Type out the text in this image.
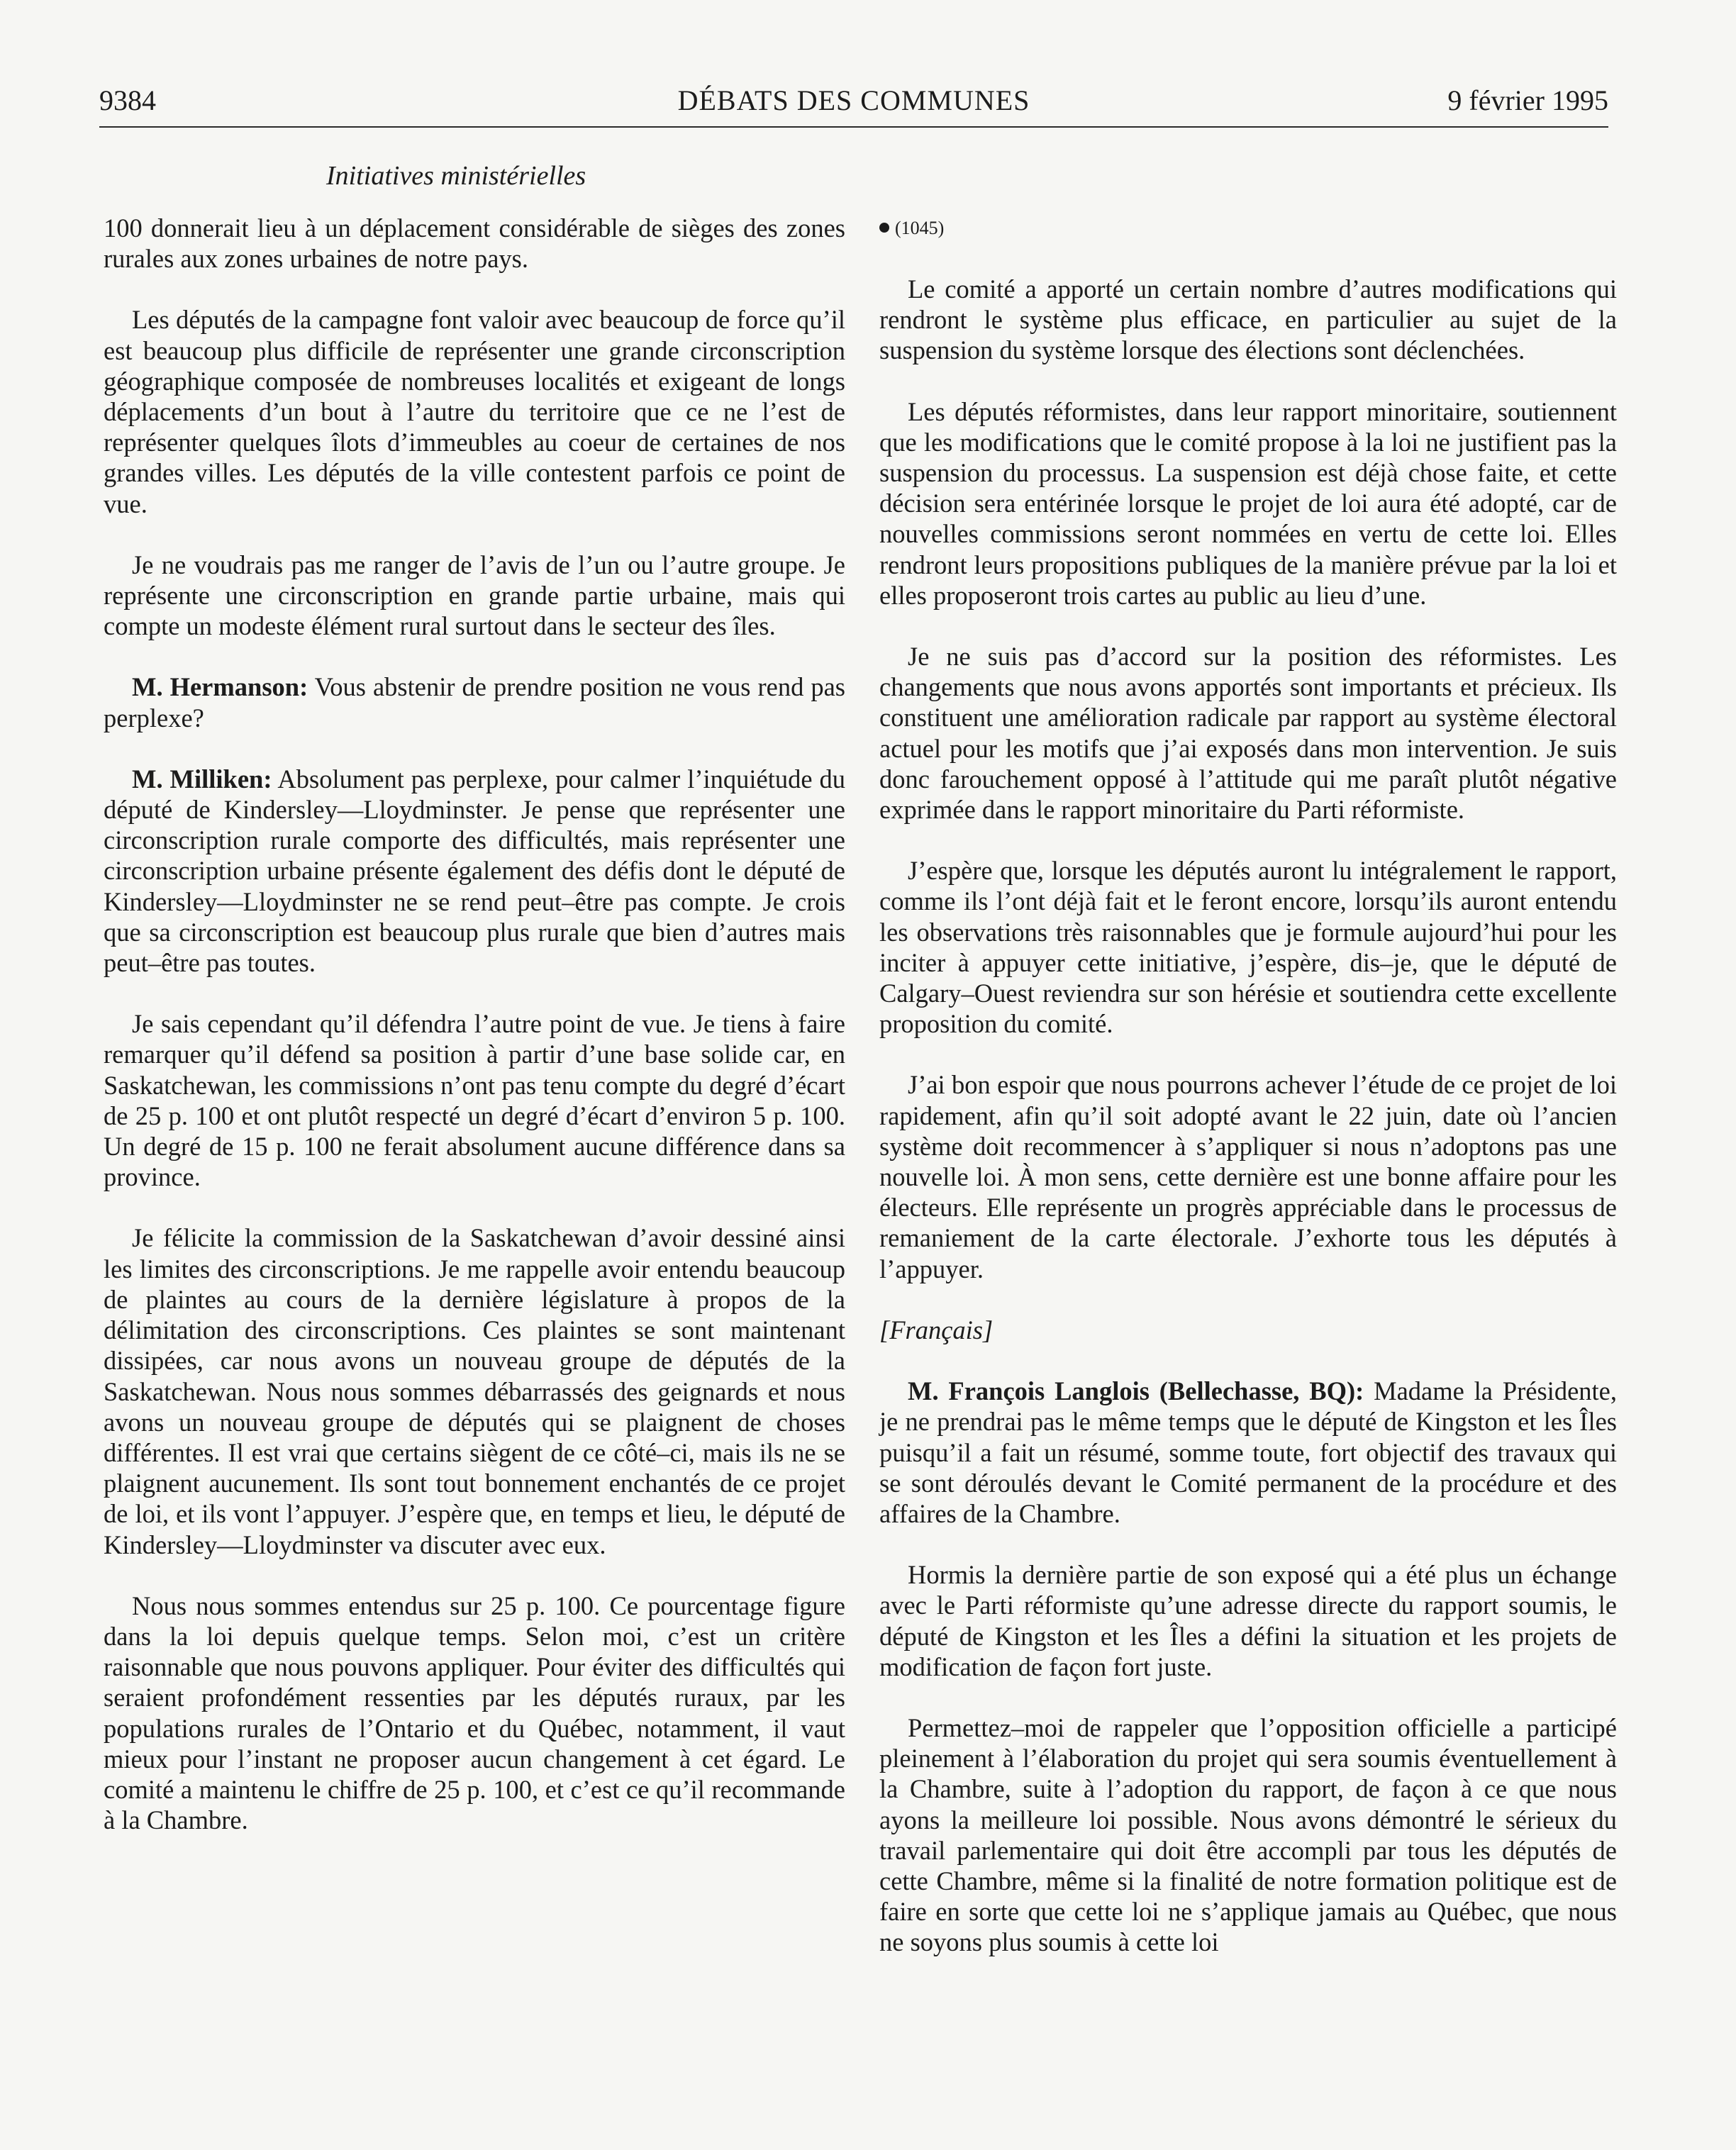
9384	DÉBATS DES COMMUNES	9 février 1995
Initiatives ministérielles

100 donnerait lieu à un déplacement considérable de sièges des zones rurales aux zones urbaines de notre pays.

Les députés de la campagne font valoir avec beaucoup de force qu’il est beaucoup plus difficile de représenter une grande circonscription géographique composée de nombreuses localités et exigeant de longs déplacements d’un bout à l’autre du territoire que ce ne l’est de représenter quelques îlots d’immeubles au coeur de certaines de nos grandes villes. Les députés de la ville contestent parfois ce point de vue.

Je ne voudrais pas me ranger de l’avis de l’un ou l’autre groupe. Je représente une circonscription en grande partie urbaine, mais qui compte un modeste élément rural surtout dans le secteur des îles.

M. Hermanson: Vous abstenir de prendre position ne vous rend pas perplexe?

M. Milliken: Absolument pas perplexe, pour calmer l’inquiétude du député de Kindersley—Lloydminster. Je pense que représenter une circonscription rurale comporte des difficultés, mais représenter une circonscription urbaine présente également des défis dont le député de Kindersley—Lloydminster ne se rend peut–être pas compte. Je crois que sa circonscription est beaucoup plus rurale que bien d’autres mais peut–être pas toutes.

Je sais cependant qu’il défendra l’autre point de vue. Je tiens à faire remarquer qu’il défend sa position à partir d’une base solide car, en Saskatchewan, les commissions n’ont pas tenu compte du degré d’écart de 25 p. 100 et ont plutôt respecté un degré d’écart d’environ 5 p. 100. Un degré de 15 p. 100 ne ferait absolument aucune différence dans sa province.

Je félicite la commission de la Saskatchewan d’avoir dessiné ainsi les limites des circonscriptions. Je me rappelle avoir entendu beaucoup de plaintes au cours de la dernière législature à propos de la délimitation des circonscriptions. Ces plaintes se sont maintenant dissipées, car nous avons un nouveau groupe de députés de la Saskatchewan. Nous nous sommes débarrassés des geignards et nous avons un nouveau groupe de députés qui se plaignent de choses différentes. Il est vrai que certains siègent de ce côté–ci, mais ils ne se plaignent aucunement. Ils sont tout bonnement enchantés de ce projet de loi, et ils vont l’appuyer. J’espère que, en temps et lieu, le député de Kindersley—Lloydminster va discuter avec eux.

Nous nous sommes entendus sur 25 p. 100. Ce pourcentage figure dans la loi depuis quelque temps. Selon moi, c’est un critère raisonnable que nous pouvons appliquer. Pour éviter des difficultés qui seraient profondément ressenties par les députés ruraux, par les populations rurales de l’Ontario et du Québec, notamment, il vaut mieux pour l’instant ne proposer aucun changement à cet égard. Le comité a maintenu le chiffre de 25 p. 100, et c’est ce qu’il recommande à la Chambre.

(1045)

Le comité a apporté un certain nombre d’autres modifications qui rendront le système plus efficace, en particulier au sujet de la suspension du système lorsque des élections sont déclenchées.

Les députés réformistes, dans leur rapport minoritaire, soutiennent que les modifications que le comité propose à la loi ne justifient pas la suspension du processus. La suspension est déjà chose faite, et cette décision sera entérinée lorsque le projet de loi aura été adopté, car de nouvelles commissions seront nommées en vertu de cette loi. Elles rendront leurs propositions publiques de la manière prévue par la loi et elles proposeront trois cartes au public au lieu d’une.

Je ne suis pas d’accord sur la position des réformistes. Les changements que nous avons apportés sont importants et précieux. Ils constituent une amélioration radicale par rapport au système électoral actuel pour les motifs que j’ai exposés dans mon intervention. Je suis donc farouchement opposé à l’attitude qui me paraît plutôt négative exprimée dans le rapport minoritaire du Parti réformiste.

J’espère que, lorsque les députés auront lu intégralement le rapport, comme ils l’ont déjà fait et le feront encore, lorsqu’ils auront entendu les observations très raisonnables que je formule aujourd’hui pour les inciter à appuyer cette initiative, j’espère, dis–je, que le député de Calgary–Ouest reviendra sur son hérésie et soutiendra cette excellente proposition du comité.

J’ai bon espoir que nous pourrons achever l’étude de ce projet de loi rapidement, afin qu’il soit adopté avant le 22 juin, date où l’ancien système doit recommencer à s’appliquer si nous n’adoptons pas une nouvelle loi. À mon sens, cette dernière est une bonne affaire pour les électeurs. Elle représente un progrès appréciable dans le processus de remaniement de la carte électorale. J’exhorte tous les députés à l’appuyer.

[Français]

M. François Langlois (Bellechasse, BQ): Madame la Présidente, je ne prendrai pas le même temps que le député de Kingston et les Îles puisqu’il a fait un résumé, somme toute, fort objectif des travaux qui se sont déroulés devant le Comité permanent de la procédure et des affaires de la Chambre.

Hormis la dernière partie de son exposé qui a été plus un échange avec le Parti réformiste qu’une adresse directe du rapport soumis, le député de Kingston et les Îles a défini la situation et les projets de modification de façon fort juste.

Permettez–moi de rappeler que l’opposition officielle a participé pleinement à l’élaboration du projet qui sera soumis éventuellement à la Chambre, suite à l’adoption du rapport, de façon à ce que nous ayons la meilleure loi possible. Nous avons démontré le sérieux du travail parlementaire qui doit être accompli par tous les députés de cette Chambre, même si la finalité de notre formation politique est de faire en sorte que cette loi ne s’applique jamais au Québec, que nous ne soyons plus soumis à cette loi
